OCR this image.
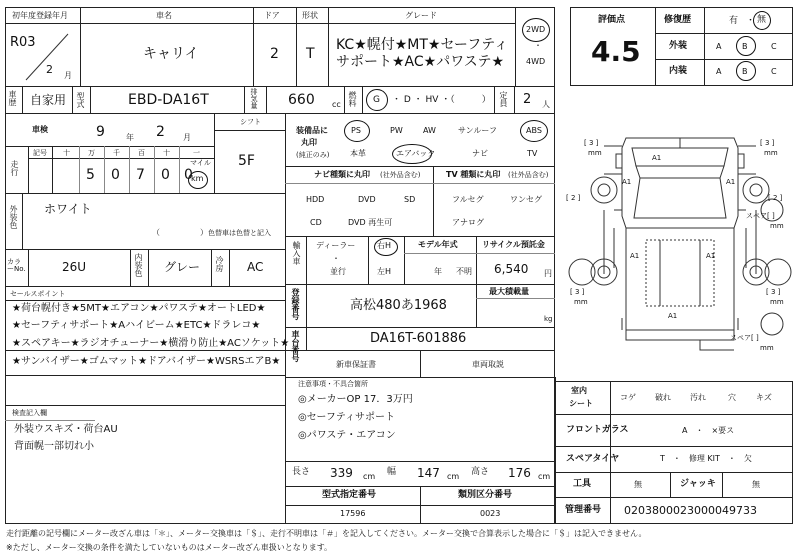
初年度登録年月	車名	ドア	形状	グレード
R03
2 月
キャリイ	2 T
KC★幌付★MT★セーフティ
サポート★AC★パワステ★
2WD
・
4WD
車歴 自家用 型式	EBD-DA16T	排気量 660 cc 燃料 G ・ D ・ HV ・（　　　） 定員 2 人
車検	9	年 2 月
シフト
5F
走行
記号 十	万	千	百	十	一
5 0 7 0 0
マイル
km
装備品に
丸印
(純正のみ)
PS	PW	AW	サンルーフ	ABS
本革	エアバック	ナビ	TV
ナビ種類に丸印 (社外品含む)	TV 種類に丸印 (社外品含む)
HDD	DVD	SD
CD	DVD 再生可
フルセグ	ワンセグ
アナログ
外装色 ホワイト
（　　　　　） 色替車は色替と記入
輸入車 ディーラー
・
並行
右H
左H
モデル年式
年 不明
リサイクル預託金
6,540 円
カラーNo.	26U	内装色 グレー 冷房 AC
セールスポイント
★荷台幌付き★5MT★エアコン★パワステ★オートLED★
★セーフティサポート★Aハイビーム★ETC★ドラレコ★
★スペアキー★ラジオチューナー★横滑り防止★ACソケット★
★サンバイザー★ゴムマット★ドアバイザー★WSRSエアB★
登録番号	高松480あ1968
最大積載量
kg
車台番号	DA16T-601886
新車保証書	車両取説
検査記入欄
外装ウスキズ・荷台AU
背面幌一部切れ小
注意事項・不具合箇所
◎メーカーOP 17．3万円
◎セーフティサポート
◎パワステ・エアコン
長さ 339 cm 幅 147 cm 高さ 176 cm
型式指定番号
17596
類別区分番号
0023
評価点
4.5
修復歴	有 ・ 無
外装	A	B	C
内装	A	B	C
A1
A1	A1
A1	A1
A1
[ 3 ]
mm
[ 3 ]
mm
[ 3 ]
mm
[ 3 ]
mm
[ 2 ]	[ 2 ]
スペア[ ]
mm
スペア[ ]
mm
室内
シート
コゲ 破れ 汚れ	穴	キズ
フロントガラス	A　・　×要ス
スペアタイヤ	T　・　修理 KIT　・　欠
工具	無	ジャッキ	無
管理番号 0203800023000049733
走行距離の記号欄にメーター改ざん車は「＊」、メーター交換車は「＄」、走行不明車は「＃」を記入してください。メーター交換で合算表示した場合に「＄」は記入できません。
※ただし、メーター交換の条件を満たしていないものはメーター改ざん車扱いとなります。
